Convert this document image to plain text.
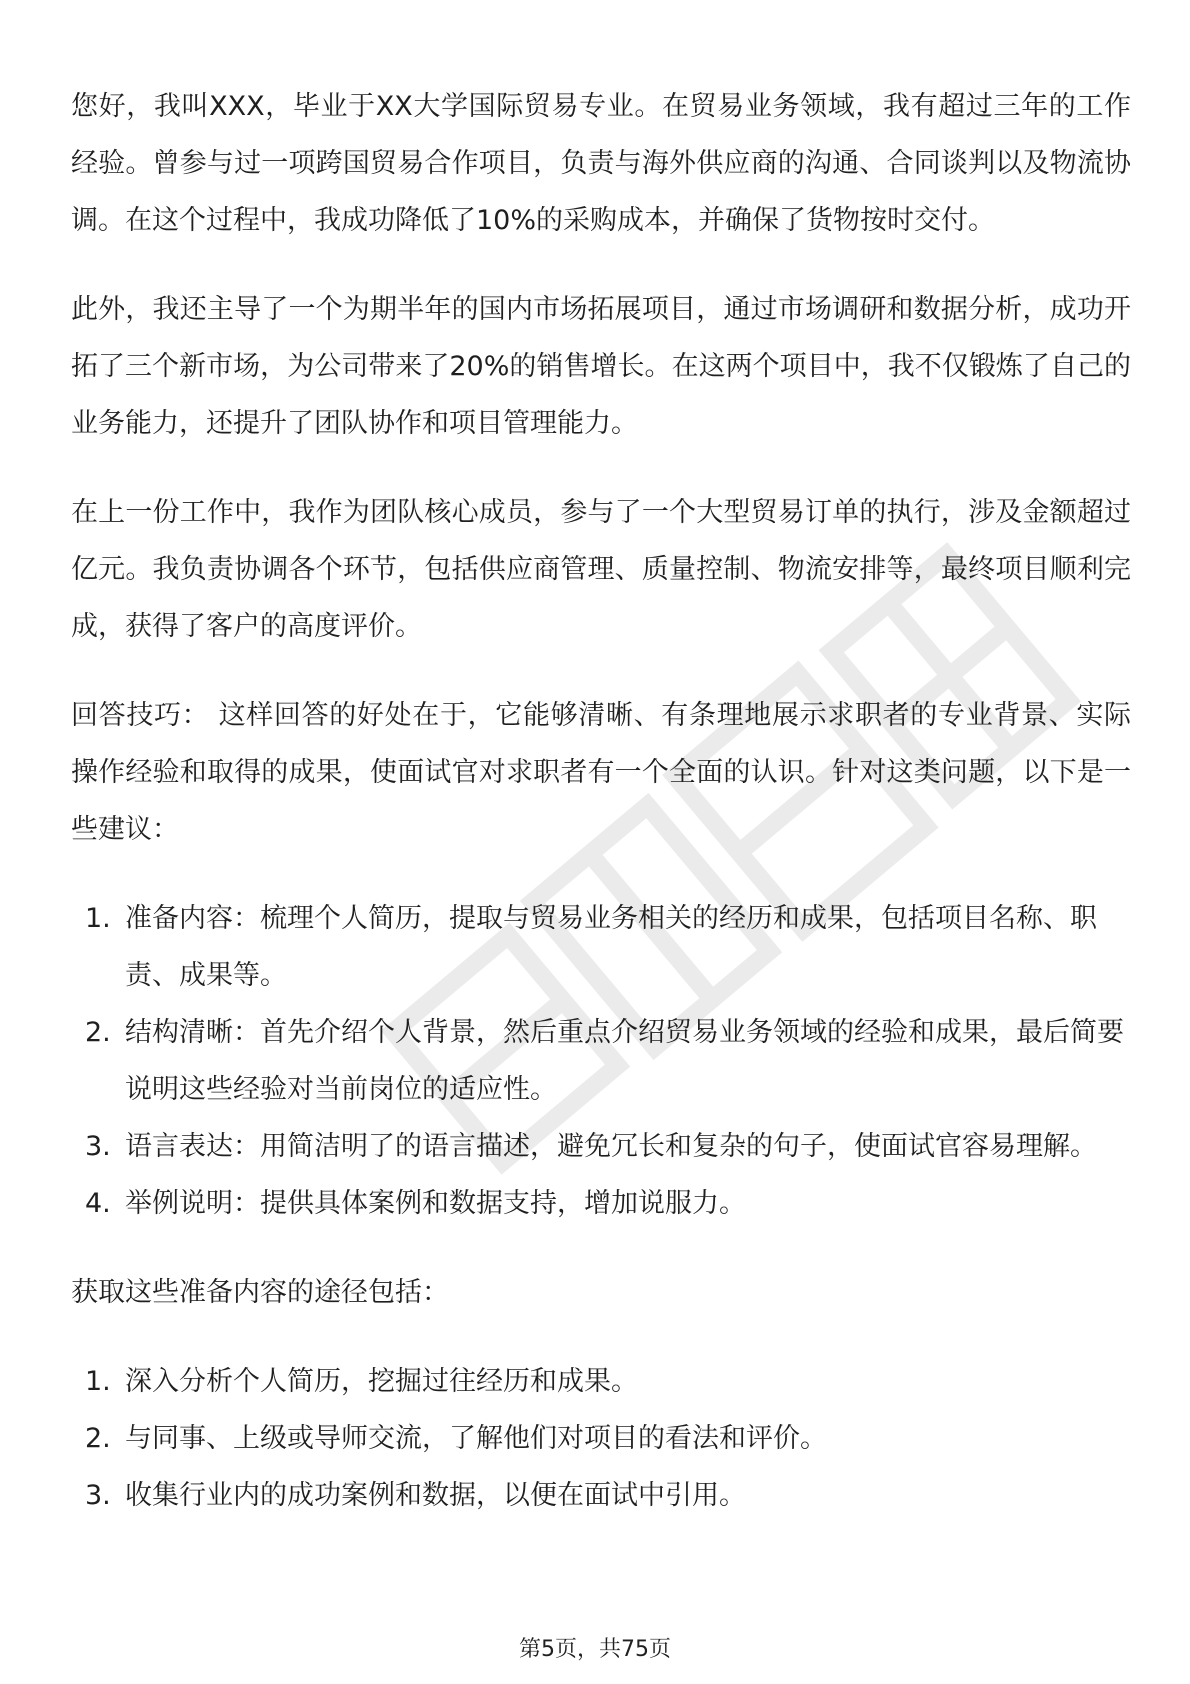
您好，我叫XXX，毕业于XX大学国际贸易专业。在贸易业务领域，我有超过三年的工作经验。曾参与过一项跨国贸易合作项目，负责与海外供应商的沟通、合同谈判以及物流协调。在这个过程中，我成功降低了10%的采购成本，并确保了货物按时交付。

此外，我还主导了一个为期半年的国内市场拓展项目，通过市场调研和数据分析，成功开拓了三个新市场，为公司带来了20%的销售增长。在这两个项目中，我不仅锻炼了自己的业务能力，还提升了团队协作和项目管理能力。

在上一份工作中，我作为团队核心成员，参与了一个大型贸易订单的执行，涉及金额超过亿元。我负责协调各个环节，包括供应商管理、质量控制、物流安排等，最终项目顺利完成，获得了客户的高度评价。

回答技巧： 这样回答的好处在于，它能够清晰、有条理地展示求职者的专业背景、实际操作经验和取得的成果，使面试官对求职者有一个全面的认识。针对这类问题，以下是一些建议：

1. 准备内容：梳理个人简历，提取与贸易业务相关的经历和成果，包括项目名称、职责、成果等。
2. 结构清晰：首先介绍个人背景，然后重点介绍贸易业务领域的经验和成果，最后简要说明这些经验对当前岗位的适应性。
3. 语言表达：用简洁明了的语言描述，避免冗长和复杂的句子，使面试官容易理解。
4. 举例说明：提供具体案例和数据支持，增加说服力。

获取这些准备内容的途径包括：

1. 深入分析个人简历，挖掘过往经历和成果。
2. 与同事、上级或导师交流，了解他们对项目的看法和评价。
3. 收集行业内的成功案例和数据，以便在面试中引用。
第5页，共75页
